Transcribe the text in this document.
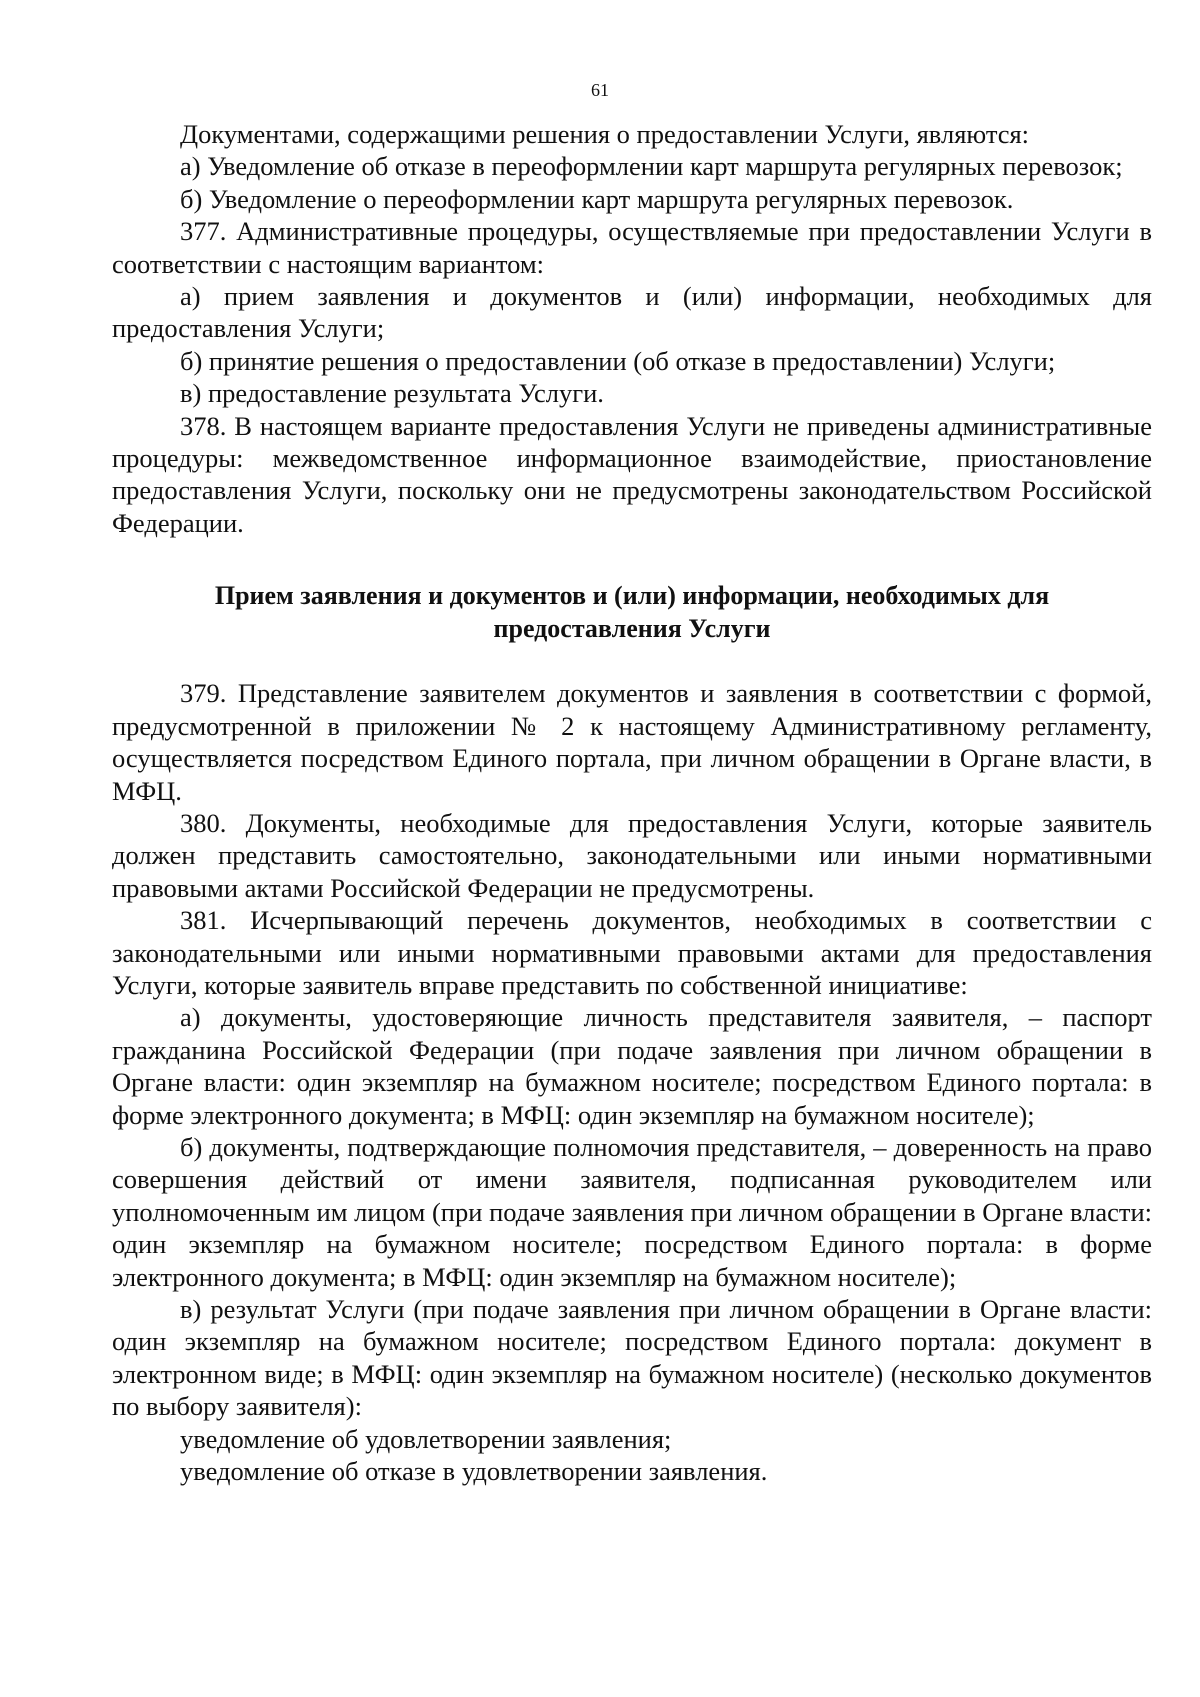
61

Документами, содержащими решения о предоставлении Услуги, являются:

а) Уведомление об отказе в переоформлении карт маршрута регулярных перевозок;

б) Уведомление о переоформлении карт маршрута регулярных перевозок.

377. Административные процедуры, осуществляемые при предоставлении Услуги в соответствии с настоящим вариантом:

а) прием заявления и документов и (или) информации, необходимых для предоставления Услуги;

б) принятие решения о предоставлении (об отказе в предоставлении) Услуги;

в) предоставление результата Услуги.

378. В настоящем варианте предоставления Услуги не приведены административные процедуры: межведомственное информационное взаимодействие, приостановление предоставления Услуги, поскольку они не предусмотрены законодательством Российской Федерации.

Прием заявления и документов и (или) информации, необходимых для предоставления Услуги

379. Представление заявителем документов и заявления в соответствии с формой, предусмотренной в приложении № 2 к настоящему Административному регламенту, осуществляется посредством Единого портала, при личном обращении в Органе власти, в МФЦ.

380. Документы, необходимые для предоставления Услуги, которые заявитель должен представить самостоятельно, законодательными или иными нормативными правовыми актами Российской Федерации не предусмотрены.

381. Исчерпывающий перечень документов, необходимых в соответствии с законодательными или иными нормативными правовыми актами для предоставления Услуги, которые заявитель вправе представить по собственной инициативе:

а) документы, удостоверяющие личность представителя заявителя, – паспорт гражданина Российской Федерации (при подаче заявления при личном обращении в Органе власти: один экземпляр на бумажном носителе; посредством Единого портала: в форме электронного документа; в МФЦ: один экземпляр на бумажном носителе);

б) документы, подтверждающие полномочия представителя, – доверенность на право совершения действий от имени заявителя, подписанная руководителем или уполномоченным им лицом (при подаче заявления при личном обращении в Органе власти: один экземпляр на бумажном носителе; посредством Единого портала: в форме электронного документа; в МФЦ: один экземпляр на бумажном носителе);

в) результат Услуги (при подаче заявления при личном обращении в Органе власти: один экземпляр на бумажном носителе; посредством Единого портала: документ в электронном виде; в МФЦ: один экземпляр на бумажном носителе) (несколько документов по выбору заявителя):

уведомление об удовлетворении заявления;

уведомление об отказе в удовлетворении заявления.
